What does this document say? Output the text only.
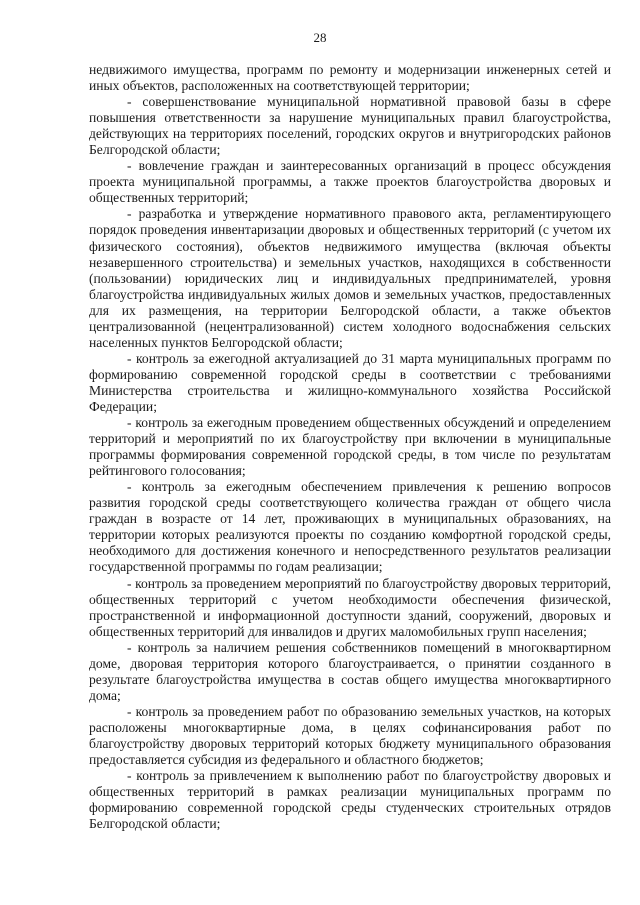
28

недвижимого имущества, программ по ремонту и модернизации инженерных сетей и иных объектов, расположенных на соответствующей территории;

- совершенствование муниципальной нормативной правовой базы в сфере повышения ответственности за нарушение муниципальных правил благоустройства, действующих на территориях поселений, городских округов и внутригородских районов Белгородской области;

- вовлечение граждан и заинтересованных организаций в процесс обсуждения проекта муниципальной программы, а также проектов благоустройства дворовых и общественных территорий;

- разработка и утверждение нормативного правового акта, регламентирующего порядок проведения инвентаризации дворовых и общественных территорий (с учетом их физического состояния), объектов недвижимого имущества (включая объекты незавершенного строительства) и земельных участков, находящихся в собственности (пользовании) юридических лиц и индивидуальных предпринимателей, уровня благоустройства индивидуальных жилых домов и земельных участков, предоставленных для их размещения, на территории Белгородской области, а также объектов централизованной (нецентрализованной) систем холодного водоснабжения сельских населенных пунктов Белгородской области;

- контроль за ежегодной актуализацией до 31 марта муниципальных программ по формированию современной городской среды в соответствии с требованиями Министерства строительства и жилищно-коммунального хозяйства Российской Федерации;

- контроль за ежегодным проведением общественных обсуждений и определением территорий и мероприятий по их благоустройству при включении в муниципальные программы формирования современной городской среды, в том числе по результатам рейтингового голосования;

- контроль за ежегодным обеспечением привлечения к решению вопросов развития городской среды соответствующего количества граждан от общего числа граждан в возрасте от 14 лет, проживающих в муниципальных образованиях, на территории которых реализуются проекты по созданию комфортной городской среды, необходимого для достижения конечного и непосредственного результатов реализации государственной программы по годам реализации;

- контроль за проведением мероприятий по благоустройству дворовых территорий, общественных территорий с учетом необходимости обеспечения физической, пространственной и информационной доступности зданий, сооружений, дворовых и общественных территорий для инвалидов и других маломобильных групп населения;

- контроль за наличием решения собственников помещений в многоквартирном доме, дворовая территория которого благоустраивается, о принятии созданного в результате благоустройства имущества в состав общего имущества многоквартирного дома;

- контроль за проведением работ по образованию земельных участков, на которых расположены многоквартирные дома, в целях софинансирования работ по благоустройству дворовых территорий которых бюджету муниципального образования предоставляется субсидия из федерального и областного бюджетов;

- контроль за привлечением к выполнению работ по благоустройству дворовых и общественных территорий в рамках реализации муниципальных программ по формированию современной городской среды студенческих строительных отрядов Белгородской области;
